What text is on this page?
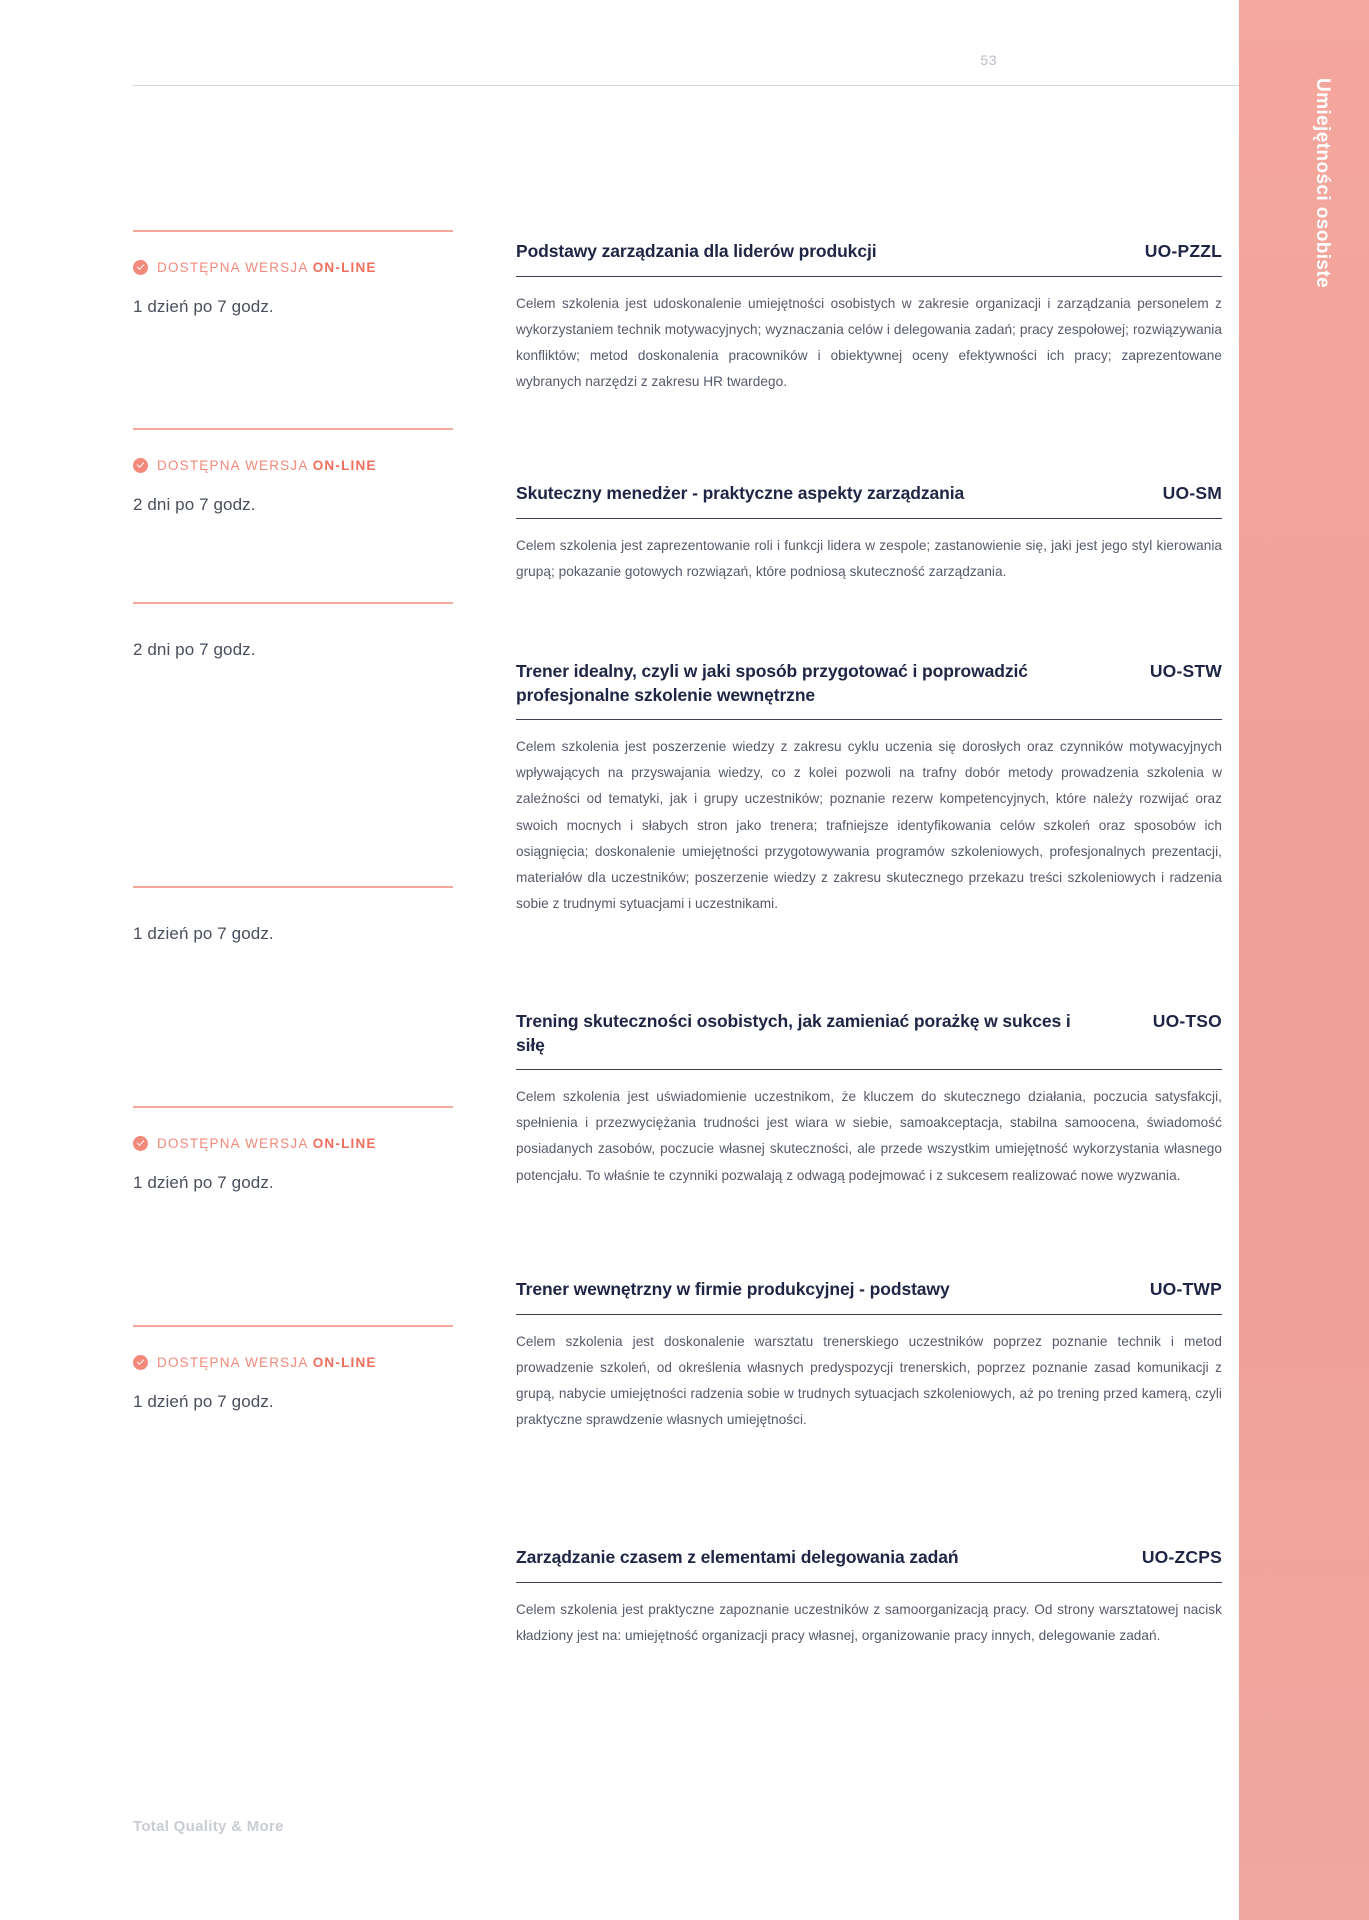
53
DOSTĘPNA WERSJA ON-LINE
1 dzień po 7 godz.
DOSTĘPNA WERSJA ON-LINE
2 dni po 7 godz.
2 dni po 7 godz.
1 dzień po 7 godz.
DOSTĘPNA WERSJA ON-LINE
1 dzień po 7 godz.
DOSTĘPNA WERSJA ON-LINE
1 dzień po 7 godz.
Podstawy zarządzania dla liderów produkcji	UO-PZZL
Celem szkolenia jest udoskonalenie umiejętności osobistych w zakresie organizacji i zarządzania personelem z wykorzystaniem technik motywacyjnych; wyznaczania celów i delegowania zadań; pracy zespołowej; rozwiązywania konfliktów; metod doskonalenia pracowników i obiektywnej oceny efektywności ich pracy; zaprezentowane wybranych narzędzi z zakresu HR twardego.
Skuteczny menedżer - praktyczne aspekty zarządzania	UO-SM
Celem szkolenia jest zaprezentowanie roli i funkcji lidera w zespole; zastanowienie się, jaki jest jego styl kierowania grupą; pokazanie gotowych rozwiązań, które podniosą skuteczność zarządzania.
Trener idealny, czyli w jaki sposób przygotować i poprowadzić profesjonalne szkolenie wewnętrzne
UO-STW
Celem szkolenia jest poszerzenie wiedzy z zakresu cyklu uczenia się dorosłych oraz czynników motywacyjnych wpływających na przyswajania wiedzy, co z kolei pozwoli na trafny dobór metody prowadzenia szkolenia w zależności od tematyki, jak i grupy uczestników; poznanie rezerw kompetencyjnych, które należy rozwijać oraz swoich mocnych i słabych stron jako trenera; trafniejsze identyfikowania celów szkoleń oraz sposobów ich osiągnięcia; doskonalenie umiejętności przygotowywania programów szkoleniowych, profesjonalnych prezentacji, materiałów dla uczestników; poszerzenie wiedzy z zakresu skutecznego przekazu treści szkoleniowych i radzenia sobie z trudnymi sytuacjami i uczestnikami.
Trening skuteczności osobistych, jak zamieniać porażkę w sukces i siłę
UO-TSO
Celem szkolenia jest uświadomienie uczestnikom, że kluczem do skutecznego działania, poczucia satysfakcji, spełnienia i przezwyciężania trudności jest wiara w siebie, samoakceptacja, stabilna samoocena, świadomość posiadanych zasobów, poczucie własnej skuteczności, ale przede wszystkim umiejętność wykorzystania własnego potencjału. To właśnie te czynniki pozwalają z odwagą podejmować i z sukcesem realizować nowe wyzwania.
Trener wewnętrzny w firmie produkcyjnej - podstawy	UO-TWP
Celem szkolenia jest doskonalenie warsztatu trenerskiego uczestników poprzez poznanie technik i metod prowadzenie szkoleń, od określenia własnych predyspozycji trenerskich, poprzez poznanie zasad komunikacji z grupą, nabycie umiejętności radzenia sobie w trudnych sytuacjach szkoleniowych, aż po trening przed kamerą, czyli praktyczne sprawdzenie własnych umiejętności.
Zarządzanie czasem z elementami delegowania zadań	UO-ZCPS
Celem szkolenia jest praktyczne zapoznanie uczestników z samoorganizacją pracy. Od strony warsztatowej nacisk kładziony jest na: umiejętność organizacji pracy własnej, organizowanie pracy innych, delegowanie zadań.
Total Quality & More
Umiejętności osobiste
